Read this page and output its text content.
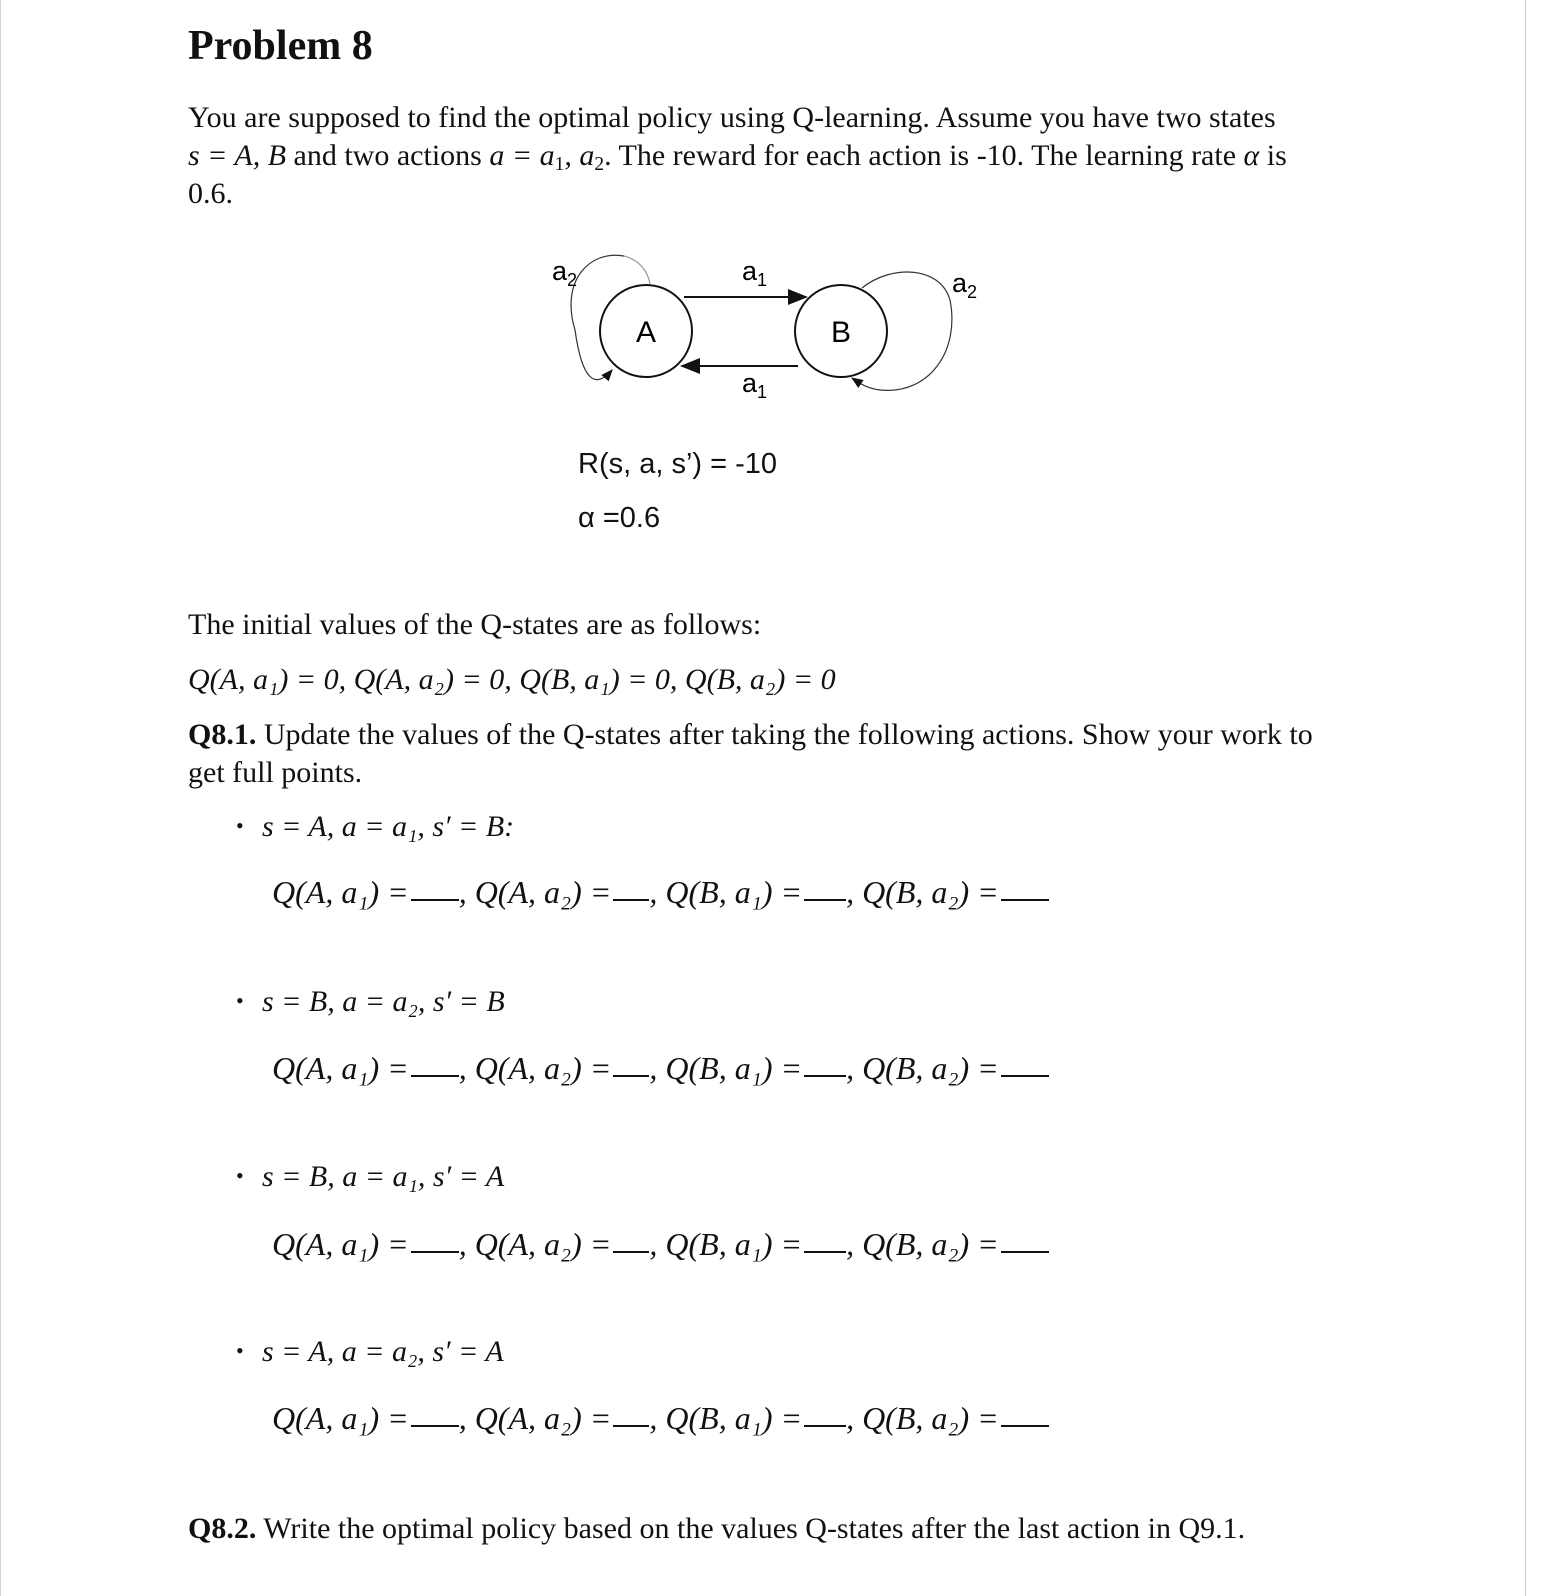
Problem 8

You are supposed to find the optimal policy using Q-learning. Assume you have two states
s = A, B and two actions $a = a_1$, $a_2$. The reward for each action is -10. The learning rate α is
0.6.

A	B
$a_2$	$a_1$	$a_2$
$a_1$
R(s, a, s’) = -10
α =0.6

The initial values of the Q-states are as follows:

Q(A, a₁) = 0, Q(A, a₂) = 0, Q(B, a₁) = 0, Q(B, a₂) = 0

Q8.1. Update the values of the Q-states after taking the following actions. Show your work to
get full points.

• s = A, a = a₁, s′ = B:
Q(A, a₁) = , Q(A, a₂) = , Q(B, a₁) = , Q(B, a₂) =
• s = B, a = a₂, s′ = B
Q(A, a₁) = , Q(A, a₂) = , Q(B, a₁) = , Q(B, a₂) =
• s = B, a = a₁, s′ = A
Q(A, a₁) = , Q(A, a₂) = , Q(B, a₁) = , Q(B, a₂) =
• s = A, a = a₂, s′ = A
Q(A, a₁) = , Q(A, a₂) = , Q(B, a₁) = , Q(B, a₂) =

Q8.2. Write the optimal policy based on the values Q-states after the last action in Q9.1.
